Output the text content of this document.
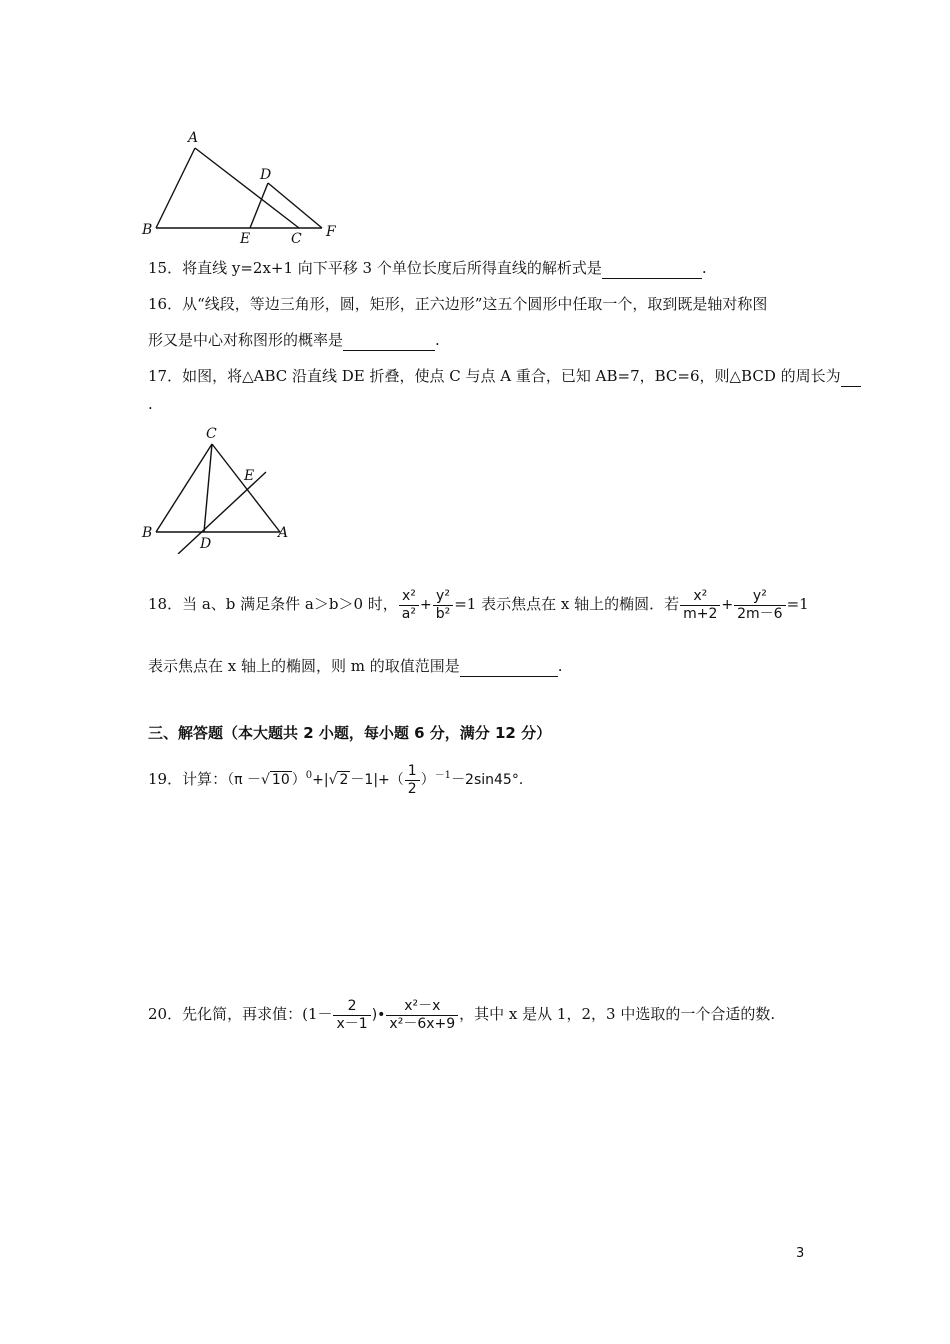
A
B
D
E	C F
15．将直线 y=2x+1 向下平移 3 个单位长度后所得直线的解析式是	.
16．从“线段，等边三角形，圆，矩形，正六边形”这五个圆形中任取一个，取到既是轴对称图
形又是中心对称图形的概率是	.
17．如图，将△ABC 沿直线 DE 折叠，使点 C 与点 A 重合，已知 AB=7，BC=6，则△BCD 的周长为
.
C
E
B
D
A
18．当 a、b 满足条件 a＞b＞0 时， $\frac{\text{x²}}{\text{a²}} + \frac{\text{y²}}{\text{b²}} =1$ 表示焦点在 x 轴上的椭圆．若 $\frac{\text{x²}}{m+2} + \frac{\text{y²}}{2m-6} =1$
表示焦点在 x 轴上的椭圆，则 m 的取值范围是	.
三、解答题（本大题共 2 小题，每小题 6 分，满分 12 分）
19．计算：（π －√ 10 ）$^0$+|√ $2 -1|+( \frac{1}{2} )^{-1}-2\sin 45^\circ$．
20．先化简，再求值：($1- \frac{2}{x-1}$ )• $\frac{\text{x²－x}}{\text{x²－6x+9}}$ ，其中 x 是从 1，2，3 中选取的一个合适的数.
3
